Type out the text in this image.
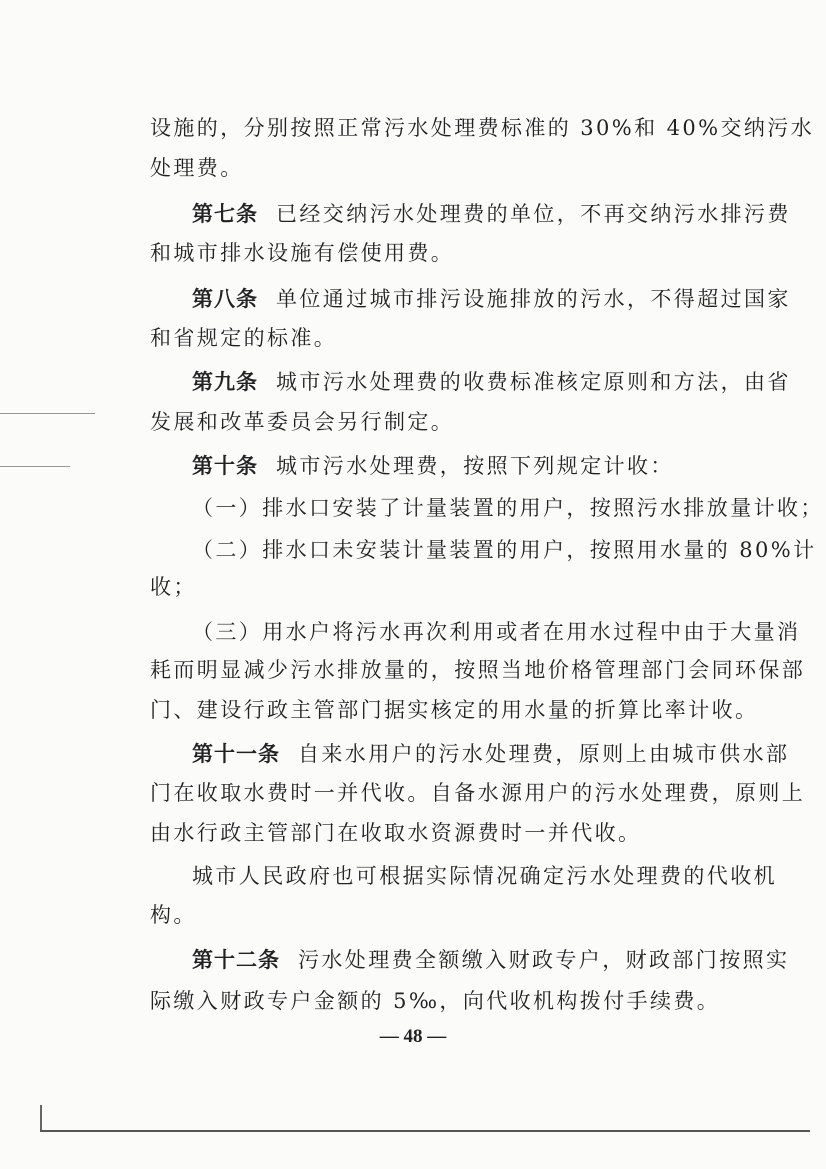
设施的，分别按照正常污水处理费标准的 30%和 40%交纳污水
处理费。
第七条 已经交纳污水处理费的单位，不再交纳污水排污费
和城市排水设施有偿使用费。
第八条 单位通过城市排污设施排放的污水，不得超过国家
和省规定的标准。
第九条 城市污水处理费的收费标准核定原则和方法，由省
发展和改革委员会另行制定。
第十条 城市污水处理费，按照下列规定计收：
（一）排水口安装了计量装置的用户，按照污水排放量计收；
（二）排水口未安装计量装置的用户，按照用水量的 80%计
收；
（三）用水户将污水再次利用或者在用水过程中由于大量消
耗而明显减少污水排放量的，按照当地价格管理部门会同环保部
门、建设行政主管部门据实核定的用水量的折算比率计收。
第十一条 自来水用户的污水处理费，原则上由城市供水部
门在收取水费时一并代收。自备水源用户的污水处理费，原则上
由水行政主管部门在收取水资源费时一并代收。
城市人民政府也可根据实际情况确定污水处理费的代收机
构。
第十二条 污水处理费全额缴入财政专户，财政部门按照实
际缴入财政专户金额的 5‰，向代收机构拨付手续费。
— 48 —
